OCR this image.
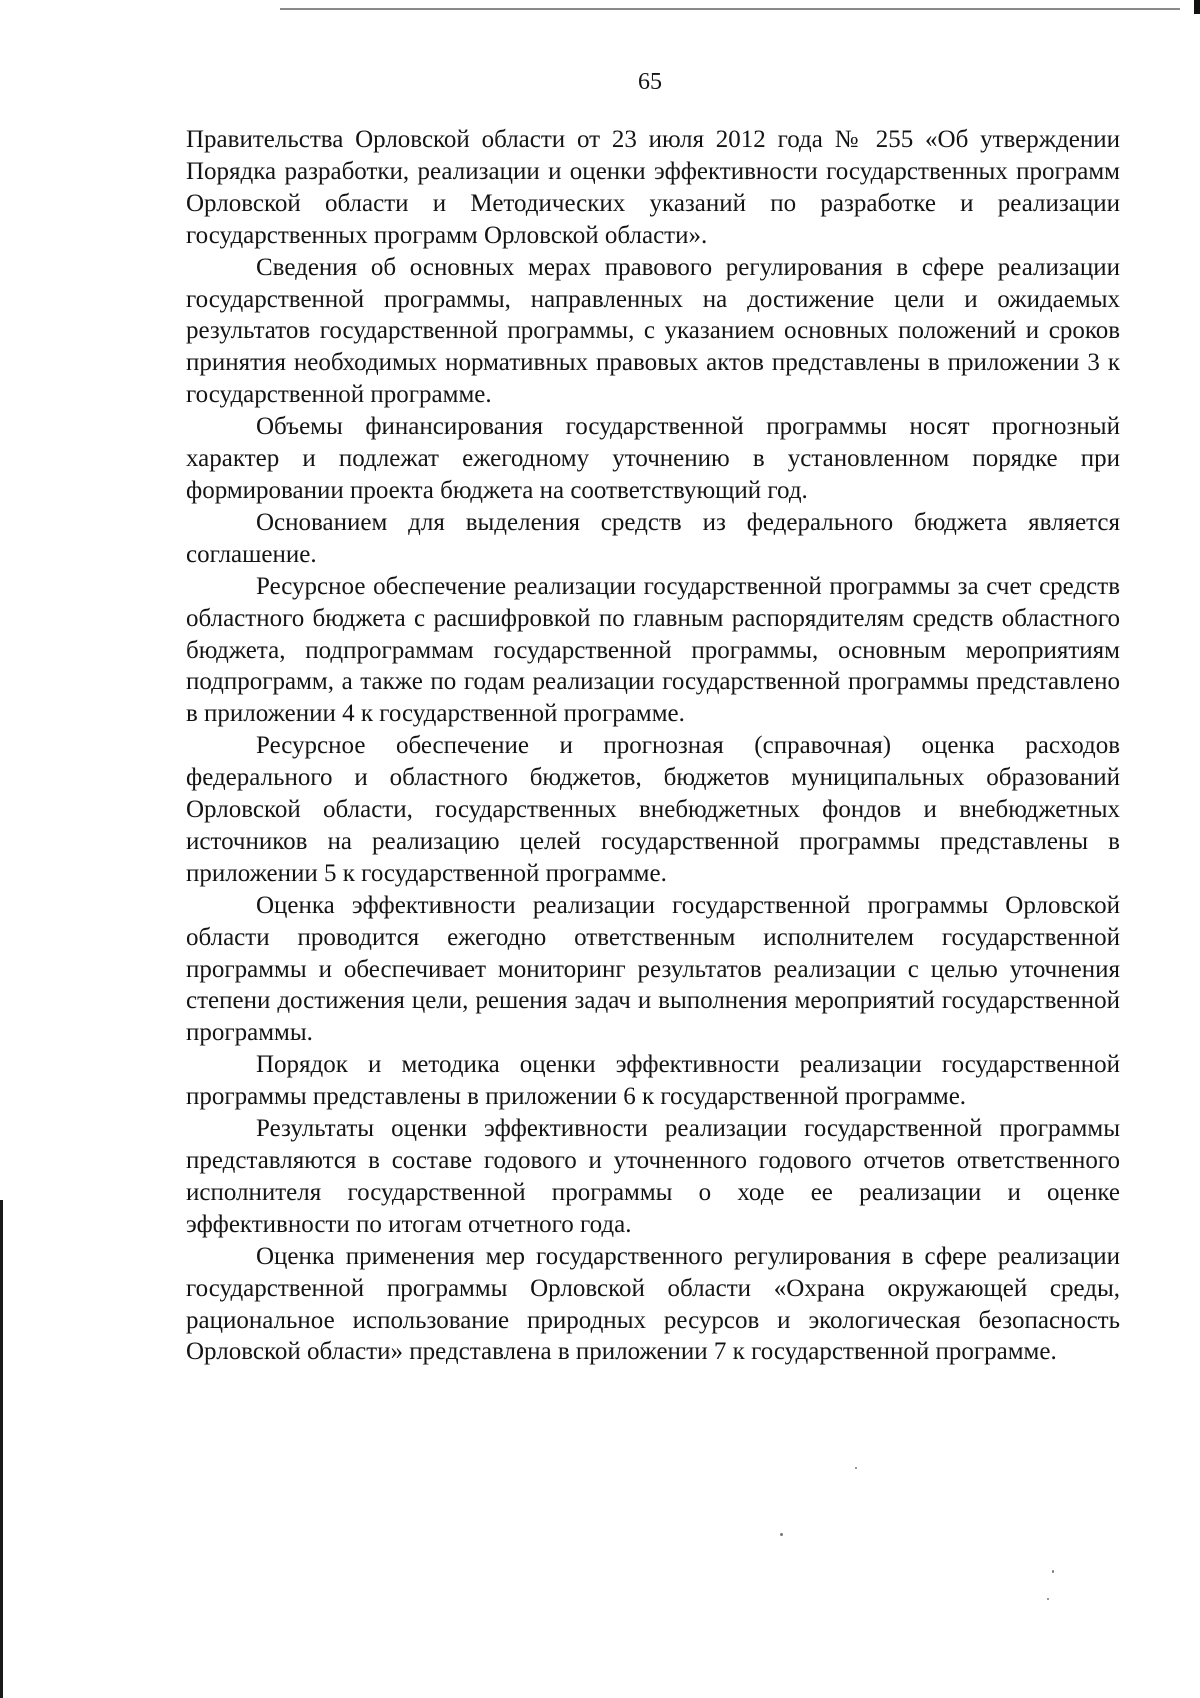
65

Правительства Орловской области от 23 июля 2012 года № 255 «Об утверждении Порядка разработки, реализации и оценки эффективности государственных программ Орловской области и Методических указаний по разработке и реализации государственных программ Орловской области».

Сведения об основных мерах правового регулирования в сфере реализации государственной программы, направленных на достижение цели и ожидаемых результатов государственной программы, с указанием основных положений и сроков принятия необходимых нормативных правовых актов представлены в приложении 3 к государственной программе.

Объемы финансирования государственной программы носят прогнозный характер и подлежат ежегодному уточнению в установленном порядке при формировании проекта бюджета на соответствующий год.

Основанием для выделения средств из федерального бюджета является соглашение.

Ресурсное обеспечение реализации государственной программы за счет средств областного бюджета с расшифровкой по главным распорядителям средств областного бюджета, подпрограммам государственной программы, основным мероприятиям подпрограмм, а также по годам реализации государственной программы представлено в приложении 4 к государственной программе.

Ресурсное обеспечение и прогнозная (справочная) оценка расходов федерального и областного бюджетов, бюджетов муниципальных образований Орловской области, государственных внебюджетных фондов и внебюджетных источников на реализацию целей государственной программы представлены в приложении 5 к государственной программе.

Оценка эффективности реализации государственной программы Орловской области проводится ежегодно ответственным исполнителем государственной программы и обеспечивает мониторинг результатов реализации с целью уточнения степени достижения цели, решения задач и выполнения мероприятий государственной программы.

Порядок и методика оценки эффективности реализации государственной программы представлены в приложении 6 к государственной программе.

Результаты оценки эффективности реализации государственной программы представляются в составе годового и уточненного годового отчетов ответственного исполнителя государственной программы о ходе ее реализации и оценке эффективности по итогам отчетного года.

Оценка применения мер государственного регулирования в сфере реализации государственной программы Орловской области «Охрана окружающей среды, рациональное использование природных ресурсов и экологическая безопасность Орловской области» представлена в приложении 7 к государственной программе.
